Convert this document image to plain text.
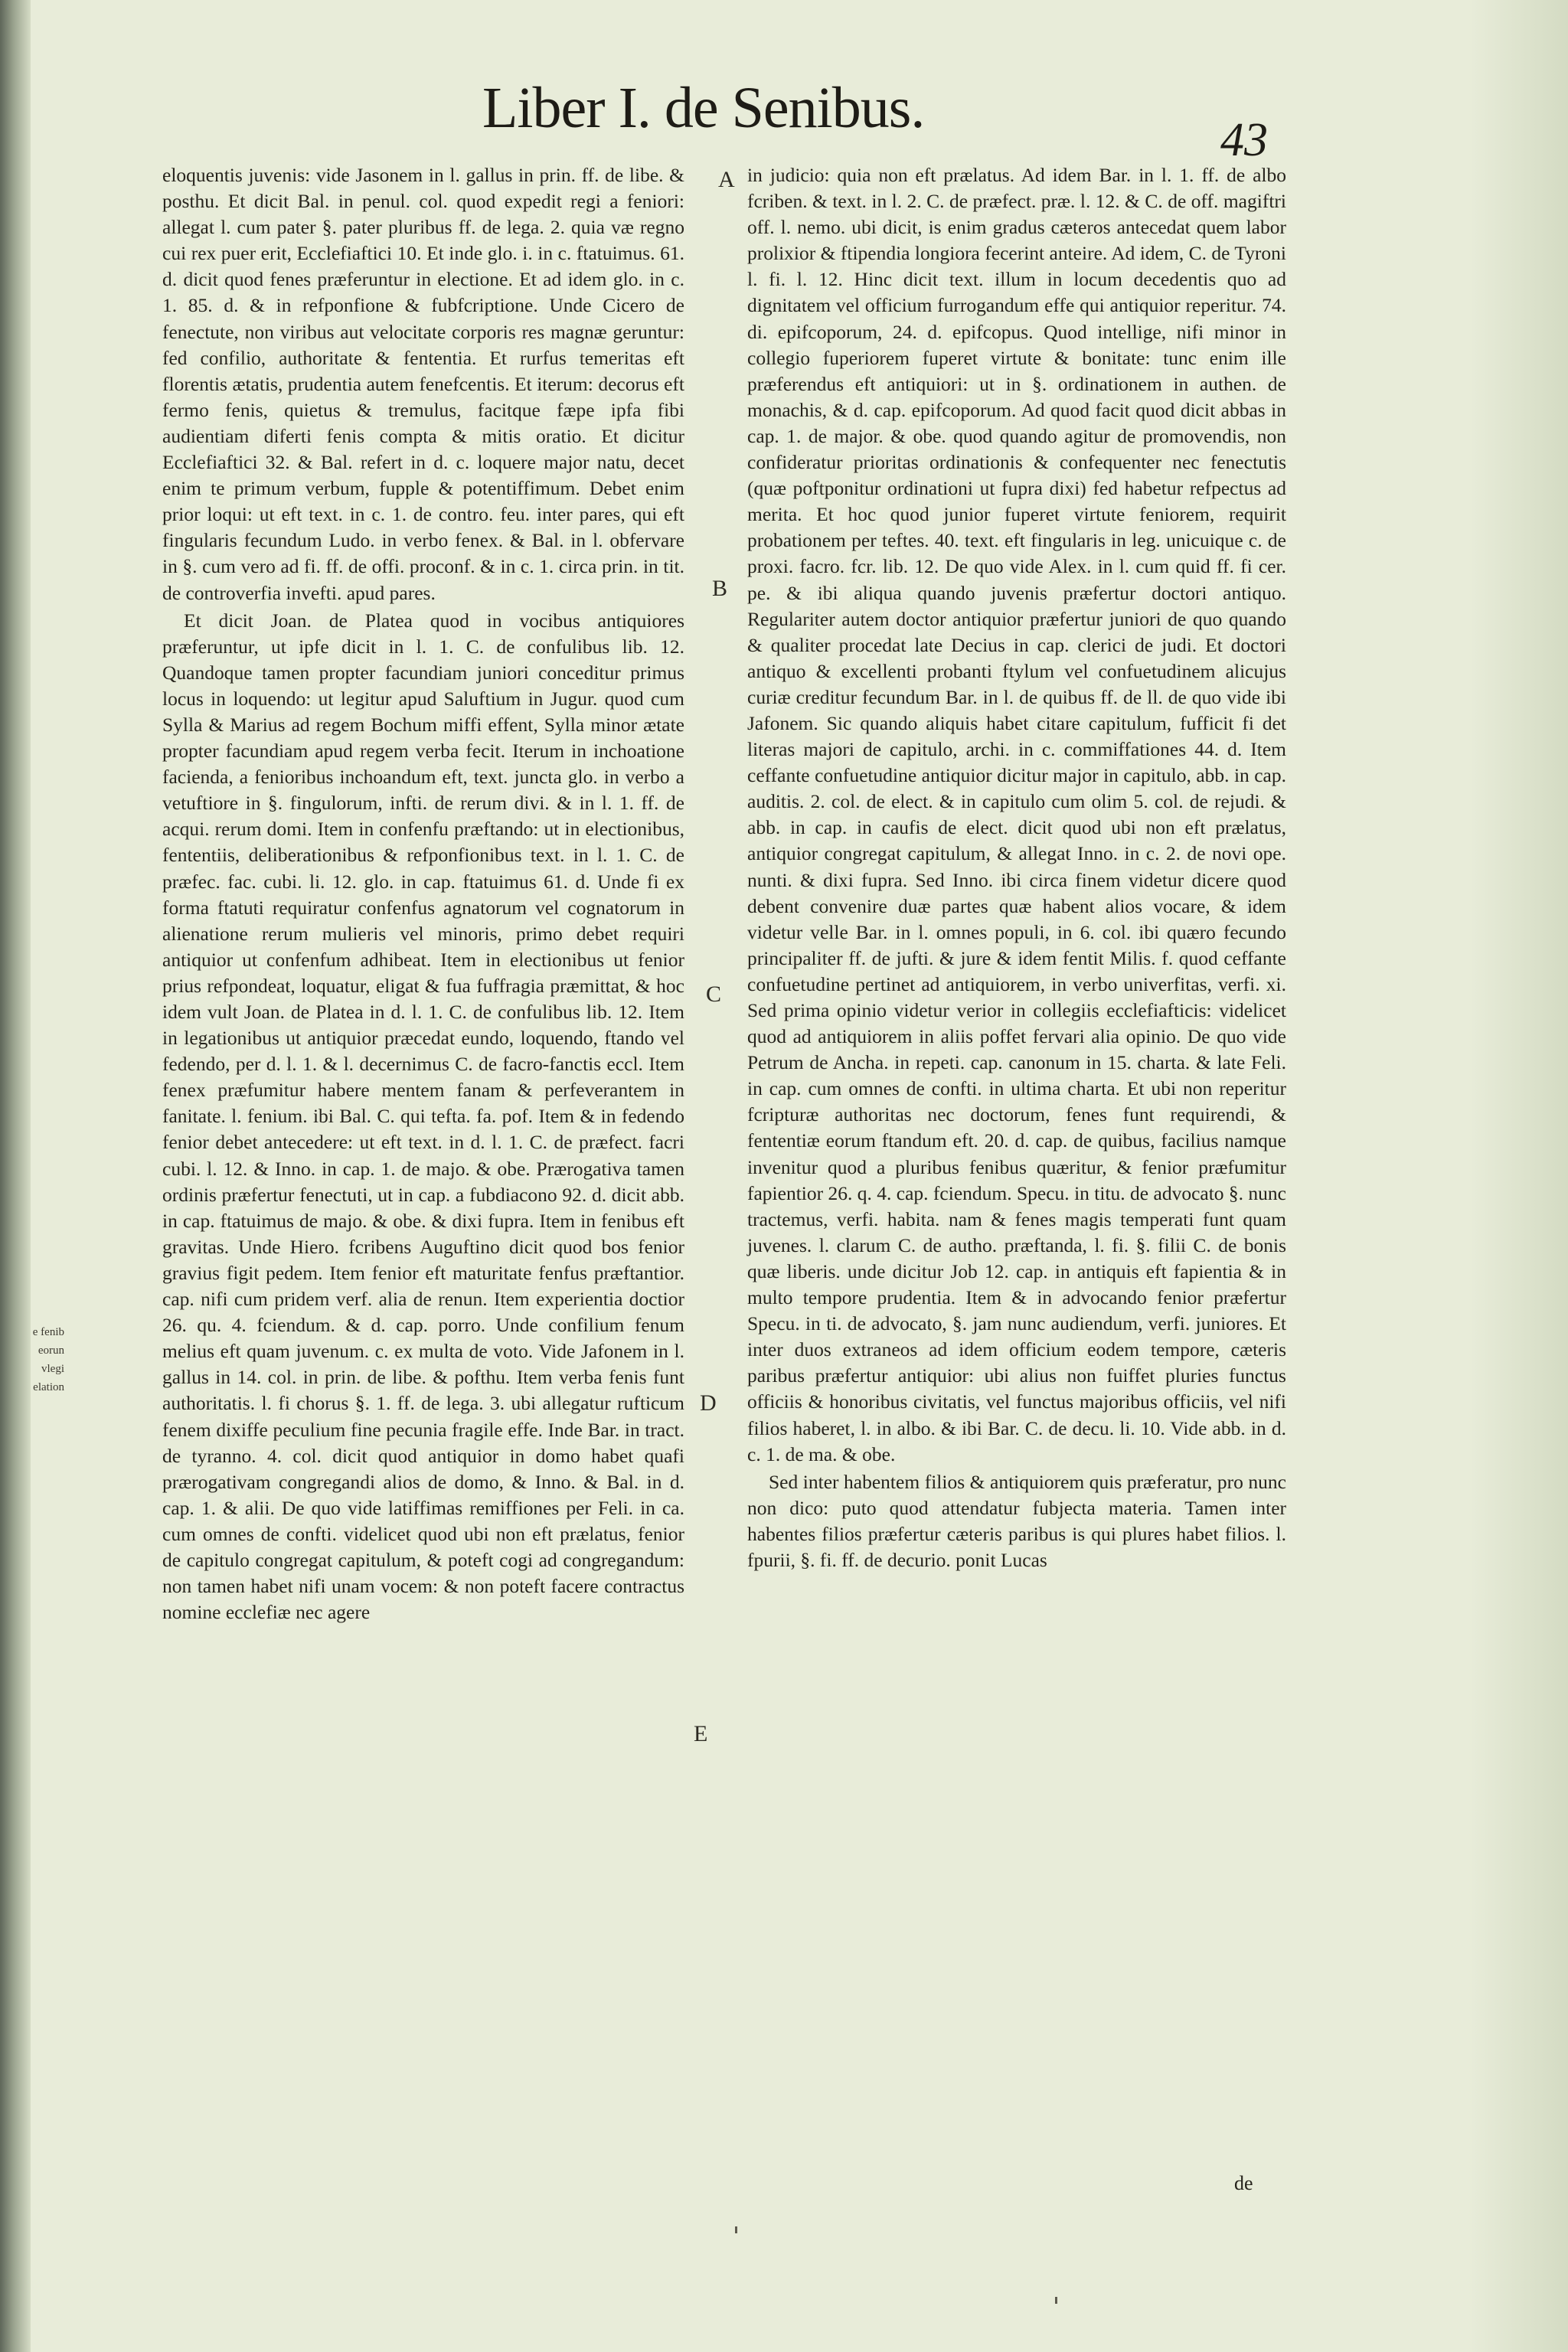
e fenib
eorun
vlegi
elation
Liber I. de Senibus.	43

eloquentis juvenis: vide Jasonem in l. gallus in prin. ff. de libe. & posthu. Et dicit Bal. in penul. col. quod expedit regi a feniori: allegat l. cum pater §. pater pluribus ff. de lega. 2. quia væ regno cui rex puer erit, Ecclefiaftici 10. Et inde glo. i. in c. ftatuimus. 61. d. dicit quod fenes præferuntur in electione. Et ad idem glo. in c. 1. 85. d. & in refponfione & fubfcriptione. Unde Cicero de fenectute, non viribus aut velocitate corporis res magnæ geruntur: fed confilio, authoritate & fententia. Et rurfus temeritas eft florentis ætatis, prudentia autem fenefcentis. Et iterum: decorus eft fermo fenis, quietus & tremulus, facitque fæpe ipfa fibi audientiam diferti fenis compta & mitis oratio. Et dicitur Ecclefiaftici 32. & Bal. refert in d. c. loquere major natu, decet enim te primum verbum, fupple & potentiffimum. Debet enim prior loqui: ut eft text. in c. 1. de contro. feu. inter pares, qui eft fingularis fecundum Ludo. in verbo fenex. & Bal. in l. obfervare in §. cum vero ad fi. ff. de offi. proconf. & in c. 1. circa prin. in tit. de controverfia invefti. apud pares.

Et dicit Joan. de Platea quod in vocibus antiquiores præferuntur, ut ipfe dicit in l. 1. C. de confulibus lib. 12. Quandoque tamen propter facundiam juniori conceditur primus locus in loquendo: ut legitur apud Saluftium in Jugur. quod cum Sylla & Marius ad regem Bochum miffi effent, Sylla minor ætate propter facundiam apud regem verba fecit. Iterum in inchoatione facienda, a fenioribus inchoandum eft, text. juncta glo. in verbo a vetuftiore in §. fingulorum, infti. de rerum divi. & in l. 1. ff. de acqui. rerum domi. Item in confenfu præftando: ut in electionibus, fententiis, deliberationibus & refponfionibus text. in l. 1. C. de præfec. fac. cubi. li. 12. glo. in cap. ftatuimus 61. d. Unde fi ex forma ftatuti requiratur confenfus agnatorum vel cognatorum in alienatione rerum mulieris vel minoris, primo debet requiri antiquior ut confenfum adhibeat. Item in electionibus ut fenior prius refpondeat, loquatur, eligat & fua fuffragia præmittat, & hoc idem vult Joan. de Platea in d. l. 1. C. de confulibus lib. 12. Item in legationibus ut antiquior præcedat eundo, loquendo, ftando vel fedendo, per d. l. 1. & l. decernimus C. de facro-fanctis eccl. Item fenex præfumitur habere mentem fanam & perfeverantem in fanitate. l. fenium. ibi Bal. C. qui tefta. fa. pof. Item & in fedendo fenior debet antecedere: ut eft text. in d. l. 1. C. de præfect. facri cubi. l. 12. & Inno. in cap. 1. de majo. & obe. Prærogativa tamen ordinis præfertur fenectuti, ut in cap. a fubdiacono 92. d. dicit abb. in cap. ftatuimus de majo. & obe. & dixi fupra. Item in fenibus eft gravitas. Unde Hiero. fcribens Auguftino dicit quod bos fenior gravius figit pedem. Item fenior eft maturitate fenfus præftantior. cap. nifi cum pridem verf. alia de renun. Item experientia doctior 26. qu. 4. fciendum. & d. cap. porro. Unde confilium fenum melius eft quam juvenum. c. ex multa de voto. Vide Jafonem in l. gallus in 14. col. in prin. de libe. & pofthu. Item verba fenis funt authoritatis. l. fi chorus §. 1. ff. de lega. 3. ubi allegatur rufticum fenem dixiffe peculium fine pecunia fragile effe. Inde Bar. in tract. de tyranno. 4. col. dicit quod antiquior in domo habet quafi prærogativam congregandi alios de domo, & Inno. & Bal. in d. cap. 1. & alii. De quo vide latiffimas remiffiones per Feli. in ca. cum omnes de confti. videlicet quod ubi non eft prælatus, fenior de capitulo congregat capitulum, & poteft cogi ad congregandum: non tamen habet nifi unam vocem: & non poteft facere contractus nomine ecclefiæ nec agere

in judicio: quia non eft prælatus. Ad idem Bar. in l. 1. ff. de albo fcriben. & text. in l. 2. C. de præfect. præ. l. 12. & C. de off. magiftri off. l. nemo. ubi dicit, is enim gradus cæteros antecedat quem labor prolixior & ftipendia longiora fecerint anteire. Ad idem, C. de Tyroni l. fi. l. 12. Hinc dicit text. illum in locum decedentis quo ad dignitatem vel officium furrogandum effe qui antiquior reperitur. 74. di. epifcoporum, 24. d. epifcopus. Quod intellige, nifi minor in collegio fuperiorem fuperet virtute & bonitate: tunc enim ille præferendus eft antiquiori: ut in §. ordinationem in authen. de monachis, & d. cap. epifcoporum. Ad quod facit quod dicit abbas in cap. 1. de major. & obe. quod quando agitur de promovendis, non confideratur prioritas ordinationis & confequenter nec fenectutis (quæ poftponitur ordinationi ut fupra dixi) fed habetur refpectus ad merita. Et hoc quod junior fuperet virtute feniorem, requirit probationem per teftes. 40. text. eft fingularis in leg. unicuique c. de proxi. facro. fcr. lib. 12. De quo vide Alex. in l. cum quid ff. fi cer. pe. & ibi aliqua quando juvenis præfertur doctori antiquo. Regulariter autem doctor antiquior præfertur juniori de quo quando & qualiter procedat late Decius in cap. clerici de judi. Et doctori antiquo & excellenti probanti ftylum vel confuetudinem alicujus curiæ creditur fecundum Bar. in l. de quibus ff. de ll. de quo vide ibi Jafonem. Sic quando aliquis habet citare capitulum, fufficit fi det literas majori de capitulo, archi. in c. commiffationes 44. d. Item ceffante confuetudine antiquior dicitur major in capitulo, abb. in cap. auditis. 2. col. de elect. & in capitulo cum olim 5. col. de rejudi. & abb. in cap. in caufis de elect. dicit quod ubi non eft prælatus, antiquior congregat capitulum, & allegat Inno. in c. 2. de novi ope. nunti. & dixi fupra. Sed Inno. ibi circa finem videtur dicere quod debent convenire duæ partes quæ habent alios vocare, & idem videtur velle Bar. in l. omnes populi, in 6. col. ibi quæro fecundo principaliter ff. de jufti. & jure & idem fentit Milis. f. quod ceffante confuetudine pertinet ad antiquiorem, in verbo univerfitas, verfi. xi. Sed prima opinio videtur verior in collegiis ecclefiafticis: videlicet quod ad antiquiorem in aliis poffet fervari alia opinio. De quo vide Petrum de Ancha. in repeti. cap. canonum in 15. charta. & late Feli. in cap. cum omnes de confti. in ultima charta. Et ubi non reperitur fcripturæ authoritas nec doctorum, fenes funt requirendi, & fententiæ eorum ftandum eft. 20. d. cap. de quibus, facilius namque invenitur quod a pluribus fenibus quæritur, & fenior præfumitur fapientior 26. q. 4. cap. fciendum. Specu. in titu. de advocato §. nunc tractemus, verfi. habita. nam & fenes magis temperati funt quam juvenes. l. clarum C. de autho. præftanda, l. fi. §. filii C. de bonis quæ liberis. unde dicitur Job 12. cap. in antiquis eft fapientia & in multo tempore prudentia. Item & in advocando fenior præfertur Specu. in ti. de advocato, §. jam nunc audiendum, verfi. juniores. Et inter duos extraneos ad idem officium eodem tempore, cæteris paribus præfertur antiquior: ubi alius non fuiffet pluries functus officiis & honoribus civitatis, vel functus majoribus officiis, vel nifi filios haberet, l. in albo. & ibi Bar. C. de decu. li. 10. Vide abb. in d. c. 1. de ma. & obe.

Sed inter habentem filios & antiquiorem quis præferatur, pro nunc non dico: puto quod attendatur fubjecta materia. Tamen inter habentes filios præfertur cæteris paribus is qui plures habet filios. l. fpurii, §. fi. ff. de decurio. ponit Lucas

A
B
C
D
E
de
